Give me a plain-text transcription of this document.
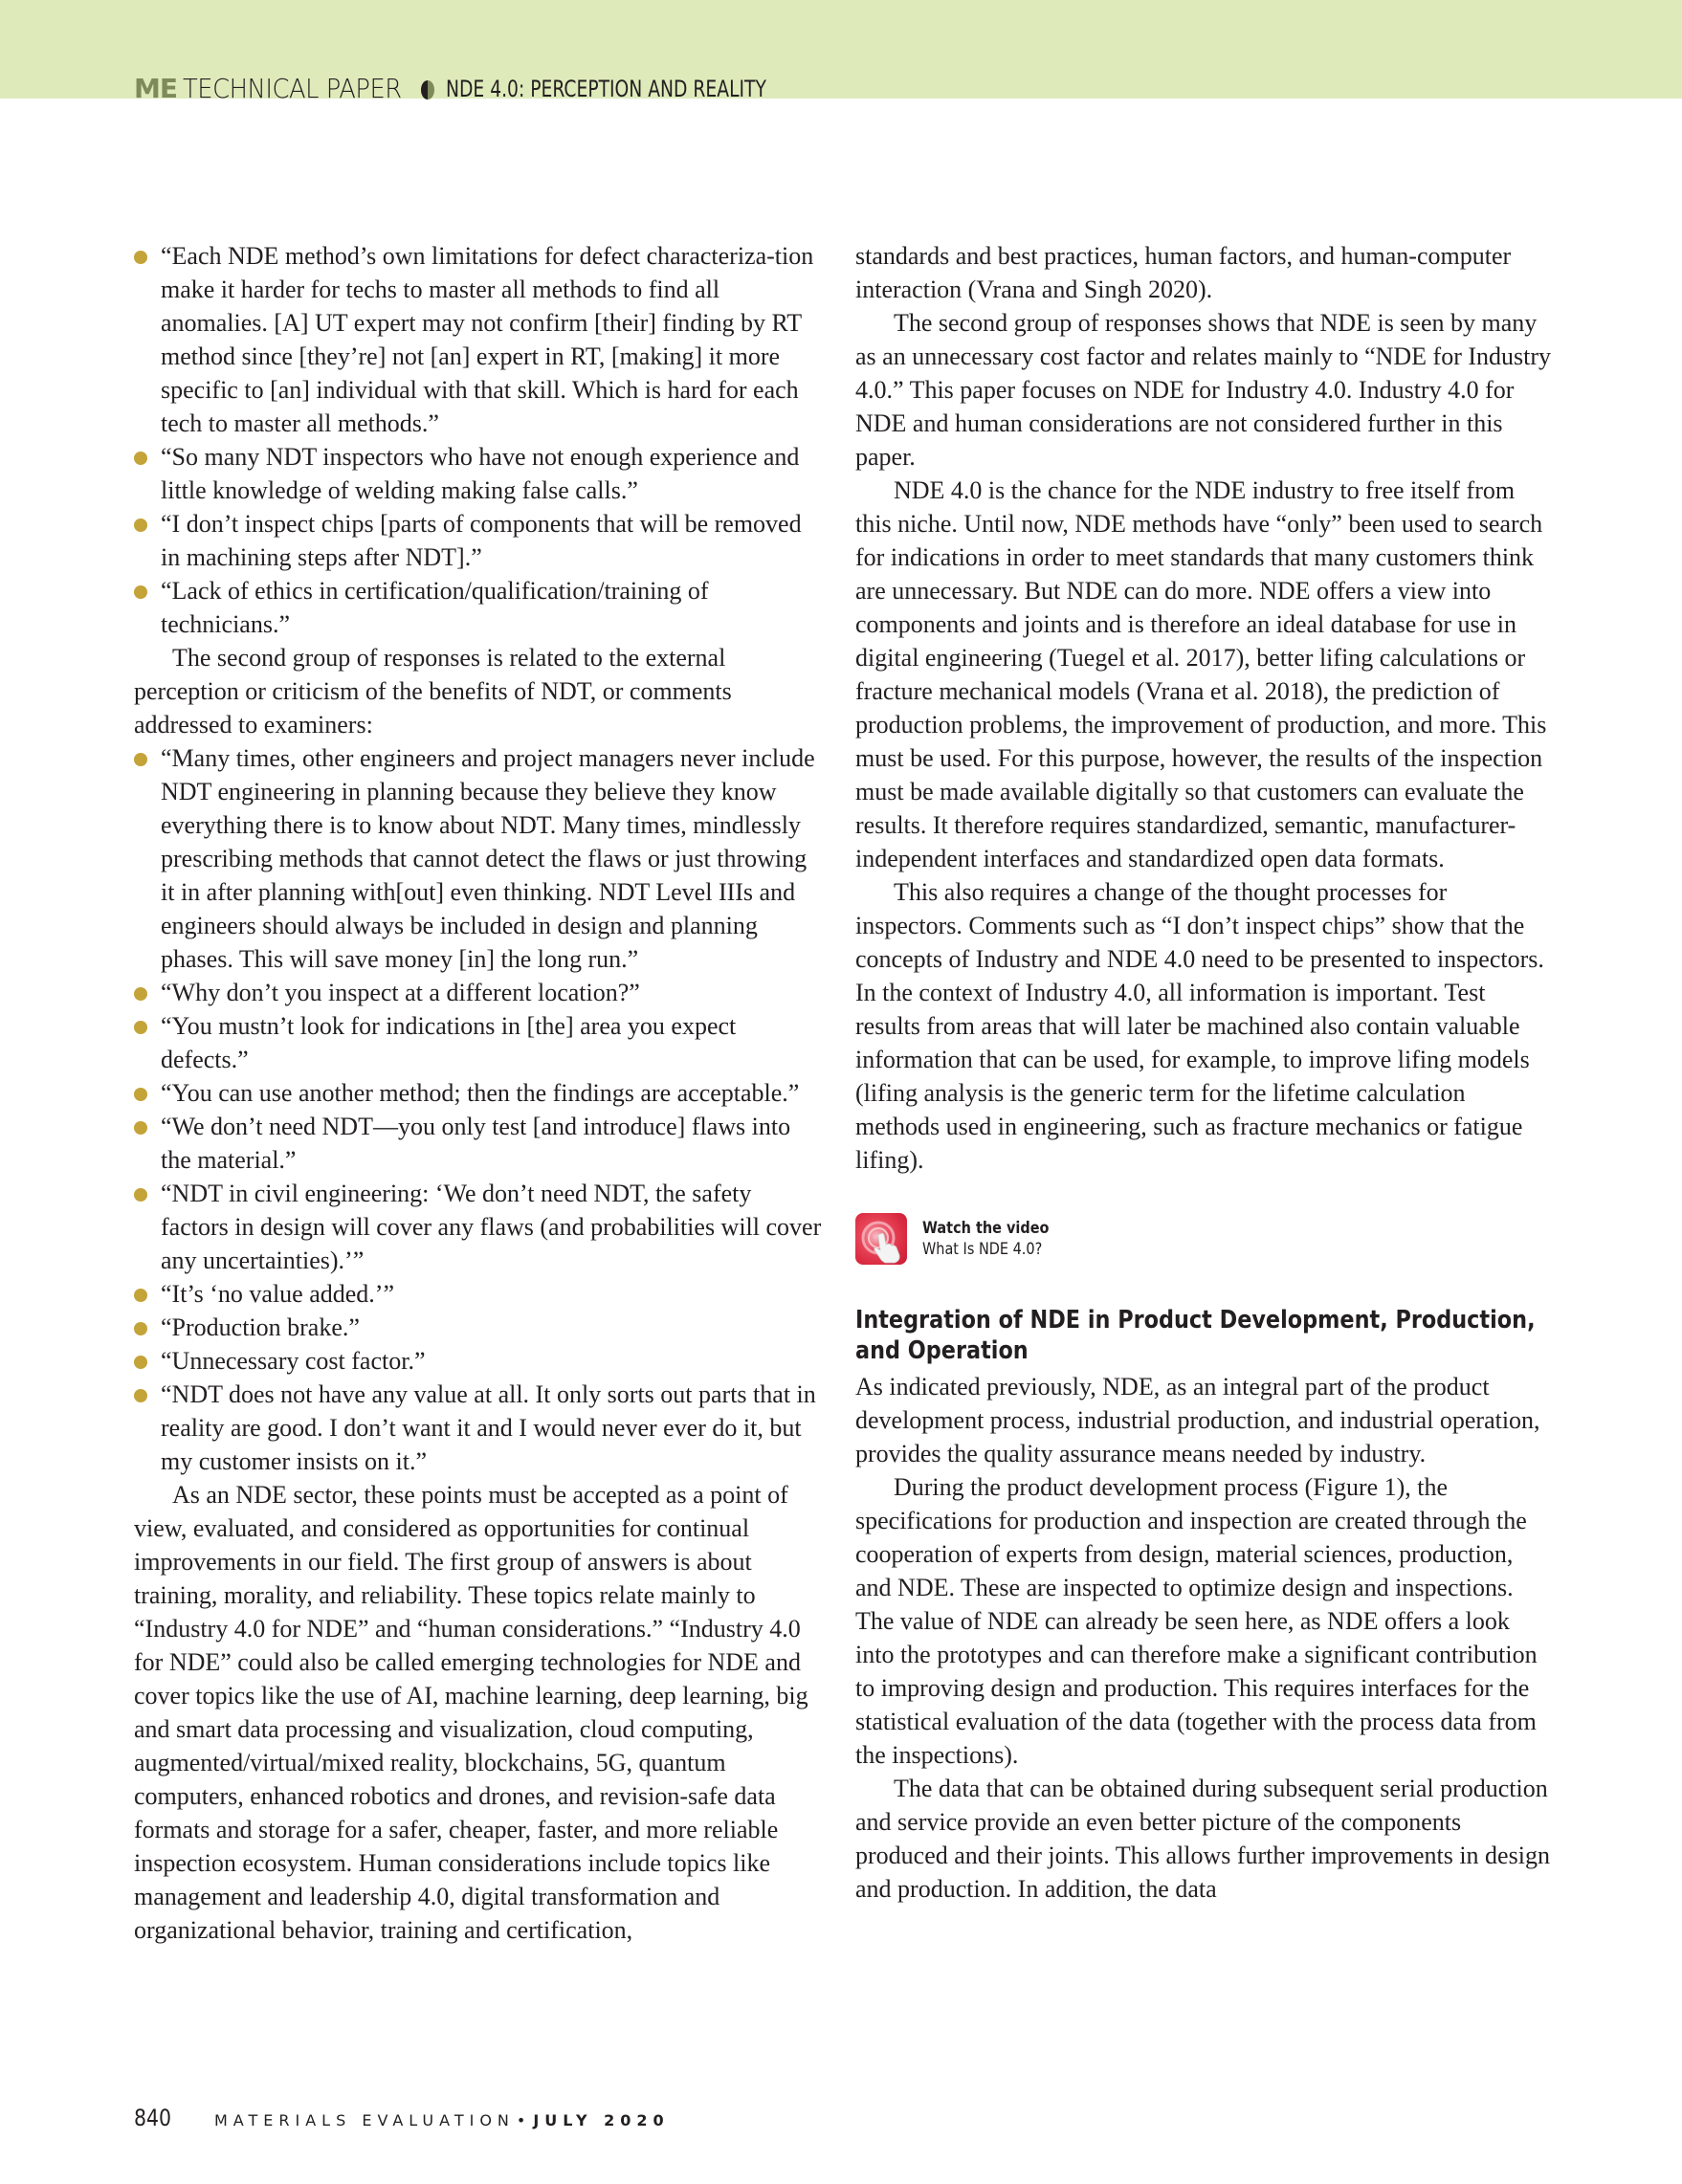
ME TECHNICAL PAPER NDE 4.0: PERCEPTION AND REALITY
“Each NDE method’s own limitations for defect characteriza-tion make it harder for techs to master all methods to find all anomalies. [A] UT expert may not confirm [their] finding by RT method since [they’re] not [an] expert in RT, [making] it more specific to [an] individual with that skill. Which is hard for each tech to master all methods.”
“So many NDT inspectors who have not enough experience and little knowledge of welding making false calls.”
“I don’t inspect chips [parts of components that will be removed in machining steps after NDT].”
“Lack of ethics in certification/qualification/training of technicians.”

The second group of responses is related to the external perception or criticism of the benefits of NDT, or comments addressed to examiners:

“Many times, other engineers and project managers never include NDT engineering in planning because they believe they know everything there is to know about NDT. Many times, mindlessly prescribing methods that cannot detect the flaws or just throwing it in after planning with[out] even thinking. NDT Level IIIs and engineers should always be included in design and planning phases. This will save money [in] the long run.”
“Why don’t you inspect at a different location?”
“You mustn’t look for indications in [the] area you expect defects.”
“You can use another method; then the findings are acceptable.”
“We don’t need NDT—you only test [and introduce] flaws into the material.”
“NDT in civil engineering: ‘We don’t need NDT, the safety factors in design will cover any flaws (and probabilities will cover any uncertainties).’”
“It’s ‘no value added.’”
“Production brake.”
“Unnecessary cost factor.”
“NDT does not have any value at all. It only sorts out parts that in reality are good. I don’t want it and I would never ever do it, but my customer insists on it.”

As an NDE sector, these points must be accepted as a point of view, evaluated, and considered as opportunities for continual improvements in our field. The first group of answers is about training, morality, and reliability. These topics relate mainly to “Industry 4.0 for NDE” and “human considerations.” “Industry 4.0 for NDE” could also be called emerging technologies for NDE and cover topics like the use of AI, machine learning, deep learning, big and smart data processing and visualization, cloud computing, augmented/virtual/mixed reality, blockchains, 5G, quantum computers, enhanced robotics and drones, and revision-safe data formats and storage for a safer, cheaper, faster, and more reliable inspection ecosystem. Human considerations include topics like management and leadership 4.0, digital transformation and organizational behavior, training and certification,

standards and best practices, human factors, and human-computer interaction (Vrana and Singh 2020).

The second group of responses shows that NDE is seen by many as an unnecessary cost factor and relates mainly to “NDE for Industry 4.0.” This paper focuses on NDE for Industry 4.0. Industry 4.0 for NDE and human considerations are not considered further in this paper.

NDE 4.0 is the chance for the NDE industry to free itself from this niche. Until now, NDE methods have “only” been used to search for indications in order to meet standards that many customers think are unnecessary. But NDE can do more. NDE offers a view into components and joints and is therefore an ideal database for use in digital engineering (Tuegel et al. 2017), better lifing calculations or fracture mechanical models (Vrana et al. 2018), the prediction of production problems, the improvement of production, and more. This must be used. For this purpose, however, the results of the inspection must be made available digitally so that customers can evaluate the results. It therefore requires standardized, semantic, manufacturer-independent interfaces and standardized open data formats.

This also requires a change of the thought processes for inspectors. Comments such as “I don’t inspect chips” show that the concepts of Industry and NDE 4.0 need to be presented to inspectors. In the context of Industry 4.0, all information is important. Test results from areas that will later be machined also contain valuable information that can be used, for example, to improve lifing models (lifing analysis is the generic term for the lifetime calculation methods used in engineering, such as fracture mechanics or fatigue lifing).

Watch the video
What Is NDE 4.0?
Integration of NDE in Product Development, Production, and Operation

As indicated previously, NDE, as an integral part of the product development process, industrial production, and industrial operation, provides the quality assurance means needed by industry.

During the product development process (Figure 1), the specifications for production and inspection are created through the cooperation of experts from design, material sciences, production, and NDE. These are inspected to optimize design and inspections. The value of NDE can already be seen here, as NDE offers a look into the prototypes and can therefore make a significant contribution to improving design and production. This requires interfaces for the statistical evaluation of the data (together with the process data from the inspections).

The data that can be obtained during subsequent serial production and service provide an even better picture of the components produced and their joints. This allows further improvements in design and production. In addition, the data

840	MATERIALS EVALUATION • JULY 2020
